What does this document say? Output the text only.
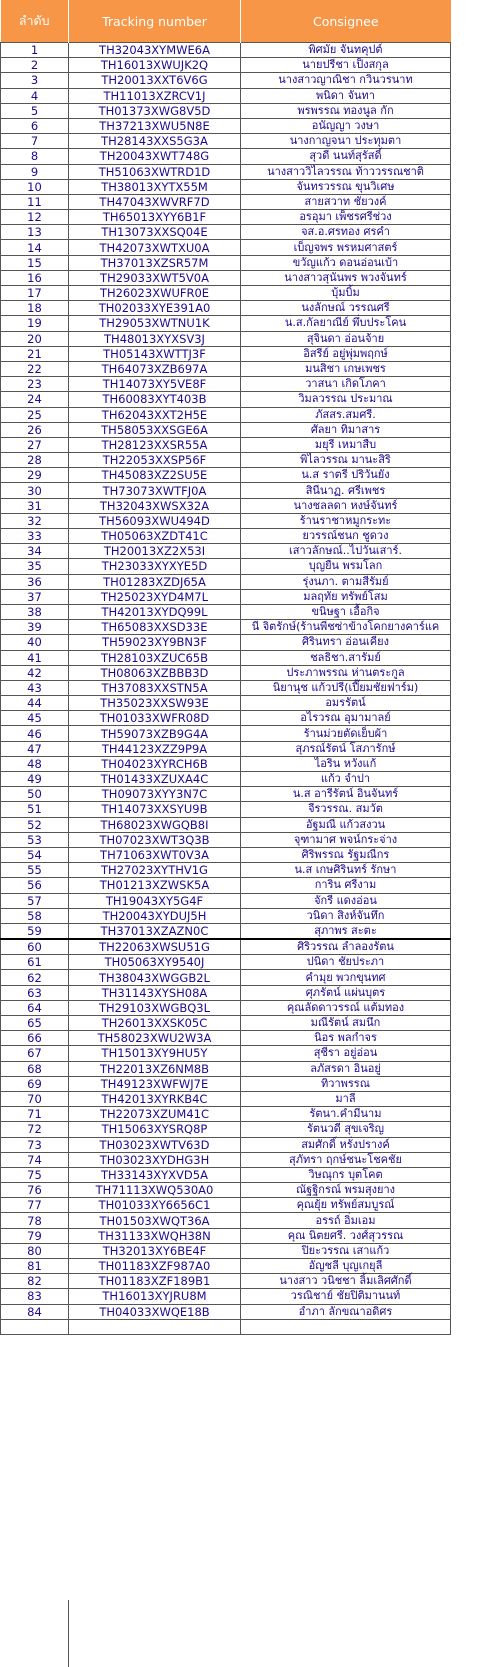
ลำดับ	Tracking number	Consignee
1	TH32043XYMWE6A	พิศมัย จันทคุปต์
2	TH16013XWUJK2Q	นายปรีชา เป็งสกุล
3	TH20013XXT6V6G	นางสาวญาณิชา กวินวรนาท
4	TH11013XZRCV1J	พนิดา จันทา
5	TH01373XWG8V5D	พรพรรณ ทองนูล กัก
6	TH37213XWU5N8E	อนัญญา วงษา
7	TH28143XXS5G3A	นางกาญจนา ประทุมตา
8	TH20043XWT748G	สุวดี นนท์สุรัสดิ์
9	TH51063XWTRD1D	นางสาววิไลวรรณ ท้าววรรณชาติ
10	TH38013XYTX55M	จันทรวรรณ ขุนวิเศษ
11	TH47043XWVRF7D	สายสวาท ชัยวงค์
12	TH65013XYY6B1F	อรอุมา เพ็ชรศรีช่วง
13	TH13073XXSQ04E	จส.อ.ศรทอง ศรคำ
14	TH42073XWTXU0A	เบ็ญจพร พรหมศาสตร์
15	TH37013XZSR57M	ขวัญแก้ว ดอนอ่อนเบ้า
16	TH29033XWT5V0A	นางสาวสุนันพร พวงจันทร์
17	TH26023XWUFR0E	บุ้มบิ้ม
18	TH02033XYE391A0	นงลักษณ์ วรรณศรี
19	TH29053XWTNU1K	น.ส.กัลยาณีย์ พึ่บประโคน
20	TH48013XYXSV3J	สุจินดา อ่อนจ้าย
21	TH05143XWTTJ3F	อิสรีย์ อยู่พุ่มพฤกษ์
22	TH64073XZB697A	มนสิชา เกษเพชร
23	TH14073XY5VE8F	วาสนา เกิดโภคา
24	TH60083XYT403B	วิมลวรรณ ประมาณ
25	TH62043XXT2H5E	ภัสสร.สมศรี.
26	TH58053XXSGE6A	ศัลยา ทิมาสาร
27	TH28123XXSR55A	มยุรี เหมาสืบ
28	TH22053XXSP56F	พิไลวรรณ มานะสิริ
29	TH45083XZ2SU5E	น.ส ราตรี ปริวันยัง
30	TH73073XWTFJ0A	สินีนาฏ. ศรีเพชร
31	TH32043XWSX32A	นางชลลดา หงษ์จันทร์
32	TH56093XWU494D	ร้านราชาหมูกระทะ
33	TH05063XZDT41C	ยวรรณ์ชนก ชูดวง
34	TH20013XZ2X53I	เสาวลักษณ์..ไปวันเสาร์.
35	TH23033XYXYE5D	บุญยืน พรมโลก
36	TH01283XZDJ65A	รุ่งนภา. ตามสีรัมย์
37	TH25023XYD4M7L	มลฤทัย ทรัพย์โสม
38	TH42013XYDQ99L	ขนิษฐา เอื้อกิจ
39	TH65083XXSD33E	นี จิตรักษ์(ร้านพีชซ่าข้างโคกยางคาร์แค
40	TH59023XY9BN3F	ศิรินทรา อ่อนเคียง
41	TH28103XZUC65B	ชลธิชา.สารัมย์
42	TH08063XZBBB3D	ประภาพรรณ ห่านตระกูล
43	TH37083XXSTN5A	นิยานุช แก้วปรี(เปี๊ยมชัยฟาร์ม)
44	TH35023XXSW93E	อมรรัตน์
45	TH01033XWFR08D	อไรวรณ อุมามาลย์
46	TH59073XZB9G4A	ร้านม่วยตัดเย็บผ้า
47	TH44123XZZ9P9A	สุภรณ์รัตน์ โสภารักษ์
48	TH04023XYRCH6B	ไอริน หวังแก้
49	TH01433XZUXA4C	แก้ว จำปา
50	TH09073XYY3N7C	น.ส อารีรัตน์ อินจันทร์
51	TH14073XXSYU9B	จีรวรรณ. สมวัต
52	TH68023XWGQB8I	อัฐมณี แก้วสงวน
53	TH07023XWT3Q3B	จุฑามาศ พจน์กระจ่าง
54	TH71063XWT0V3A	ศิริพรรณ รัฐมณีกร
55	TH27023XYTHV1G	น.ส เกษศิรินทร์ รักษา
56	TH01213XZWSK5A	การิน ศรีงาม
57	TH19043XY5G4F	จักรี แดงอ่อน
58	TH20043XYDUJ5H	วนิดา สิงห์จันทึก
59	TH37013XZAZN0C	สุภาพร สะตะ
60	TH22063XWSU51G	ศิริวรรณ ลำลองรัตน
61	TH05063XY9540J	ปนิดา ชัยประภา
62	TH38043XWGGB2L	คำมุย พวกขุนทศ
63	TH31143XYSH08A	ศุภรัตน์ แผ่นบุตร
64	TH29103XWGBQ3L	คุณลัดดาวรรณ์ แต้มทอง
65	TH26013XXSK05C	มณีรัตน์ สมนึก
66	TH58023XWU2W3A	นิอร พลกำจร
67	TH15013XY9HU5Y	สุชีรา อยู่อ่อน
68	TH22013XZ6NM8B	ลภัสรดา อินอยู่
69	TH49123XWFWJ7E	ทิวาพรรณ
70	TH42013XYRKB4C	มาลี
71	TH22073XZUM41C	รัตนา.คำมีนาม
72	TH15063XYSRQ8P	รัตนวดี สุขเจริญ
73	TH03023XWTV63D	สมศักดิ์ หรั่งปรางค์
74	TH03023XYDHG3H	สุภัทรา ฤกษ์ชนะโชคชัย
75	TH33143XYXVD5A	วิษณุกร บุตโคต
76	TH71113XWQ530A0	ณัฐฐิกรณ์ พรมสุงยาง
77	TH01033XY6656C1	คุณยุ้ย ทรัพย์สมบูรณ์
78	TH01503XWQT36A	อรรถ์ อิ่มเอม
79	TH31133XWQH38N	คุณ นิตยศรี. วงศ์สุวรรณ
80	TH32013XY6BE4F	ปิยะวรรณ เสาแก้ว
81	TH01183XZF987A0	อัญชลี บุญเกยุลี
82	TH01183XZF189B1	นางสาว วนิชชา ลิ้มเลิศศักดิ์
83	TH16013XYJRU8M	วรณิชาย์ ชัยปิติมานนท์
84	TH04033XWQE18B	อำภา ลักขณาอดิศร
